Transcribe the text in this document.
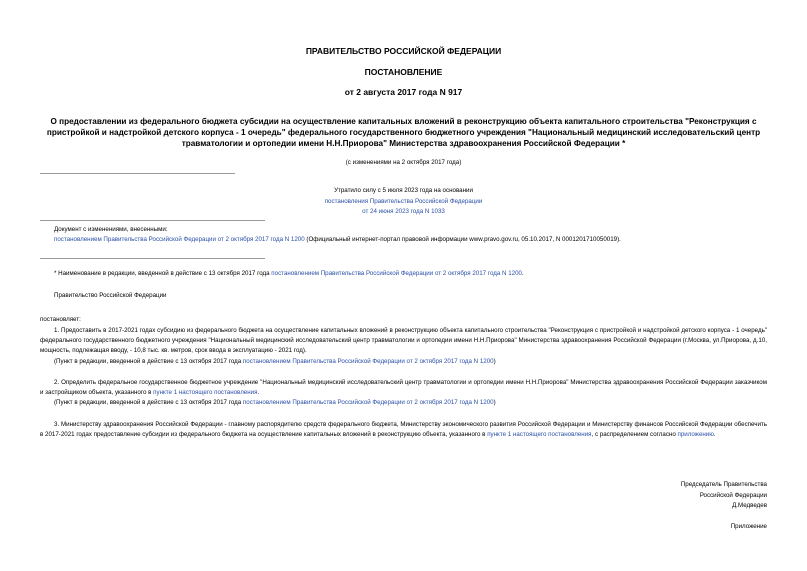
ПРАВИТЕЛЬСТВО РОССИЙСКОЙ ФЕДЕРАЦИИ
ПОСТАНОВЛЕНИЕ
от 2 августа 2017 года N 917
О предоставлении из федерального бюджета субсидии на осуществление капитальных вложений в реконструкцию объекта капитального строительства "Реконструкция с пристройкой и надстройкой детского корпуса - 1 очередь" федерального государственного бюджетного учреждения "Национальный медицинский исследовательский центр травматологии и ортопедии имени Н.Н.Приорова" Министерства здравоохранения Российской Федерации *
(с изменениями на 2 октября 2017 года)
Утратило силу с 5 июля 2023 года на основании
постановления Правительства Российской Федерации
от 24 июня 2023 года N 1033
Документ с изменениями, внесенными:
постановлением Правительства Российской Федерации от 2 октября 2017 года N 1200 (Официальный интернет-портал правовой информации www.pravo.gov.ru, 05.10.2017, N 0001201710050019).
* Наименование в редакции, введенной в действие с 13 октября 2017 года постановлением Правительства Российской Федерации от 2 октября 2017 года N 1200.
Правительство Российской Федерации
постановляет:
1. Предоставить в 2017-2021 годах субсидию из федерального бюджета на осуществление капитальных вложений в реконструкцию объекта капитального строительства "Реконструкция с пристройкой и надстройкой детского корпуса - 1 очередь" федерального государственного бюджетного учреждения "Национальный медицинский исследовательский центр травматологии и ортопедии имени Н.Н.Приорова" Министерства здравоохранения Российской Федерации (г.Москва, ул.Приорова, д.10, мощность, подлежащая вводу, - 10,8 тыс. кв. метров, срок ввода в эксплуатацию - 2021 год).
(Пункт в редакции, введенной в действие с 13 октября 2017 года постановлением Правительства Российской Федерации от 2 октября 2017 года N 1200)
2. Определить федеральное государственное бюджетное учреждение "Национальный медицинский исследовательский центр травматологии и ортопедии имени Н.Н.Приорова" Министерства здравоохранения Российской Федерации заказчиком и застройщиком объекта, указанного в пункте 1 настоящего постановления.
(Пункт в редакции, введенной в действие с 13 октября 2017 года постановлением Правительства Российской Федерации от 2 октября 2017 года N 1200)
3. Министерству здравоохранения Российской Федерации - главному распорядителю средств федерального бюджета, Министерству экономического развития Российской Федерации и Министерству финансов Российской Федерации обеспечить в 2017-2021 годах предоставление субсидии из федерального бюджета на осуществление капитальных вложений в реконструкцию объекта, указанного в пункте 1 настоящего постановления, с распределением согласно приложению.
Председатель Правительства
Российской Федерации
Д.Медведев
Приложение
